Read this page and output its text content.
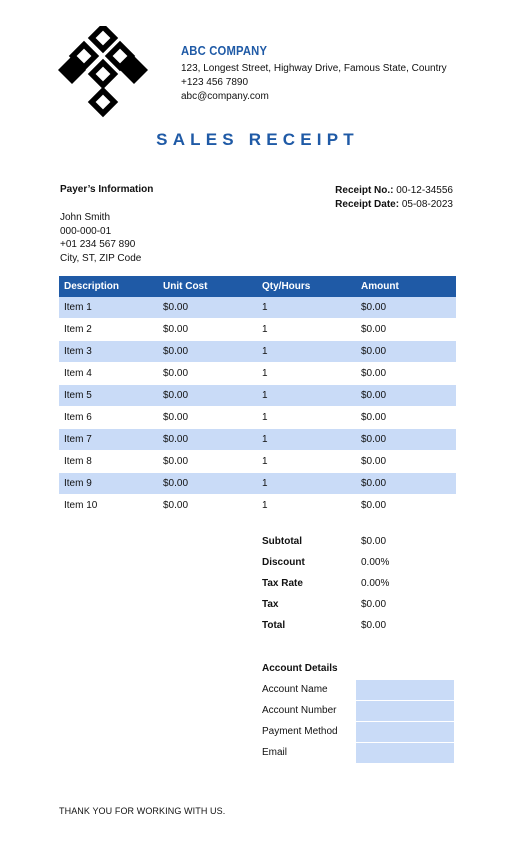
ABC COMPANY
123, Longest Street, Highway Drive, Famous State, Country
+123 456 7890
abc@company.com
SALES RECEIPT
Payer’s Information
John Smith
000-000-01
+01 234 567 890
City, ST, ZIP Code
Receipt No.: 00-12-34556
Receipt Date: 05-08-2023
Description	Unit Cost	Qty/Hours	Amount
Item 1	$0.00	1	$0.00
Item 2	$0.00	1	$0.00
Item 3	$0.00	1	$0.00
Item 4	$0.00	1	$0.00
Item 5	$0.00	1	$0.00
Item 6	$0.00	1	$0.00
Item 7	$0.00	1	$0.00
Item 8	$0.00	1	$0.00
Item 9	$0.00	1	$0.00
Item 10	$0.00	1	$0.00
Subtotal	$0.00
Discount	0.00%
Tax Rate	0.00%
Tax	$0.00
Total	$0.00
Account Details
Account Name
Account Number
Payment Method
Email
THANK YOU FOR WORKING WITH US.
